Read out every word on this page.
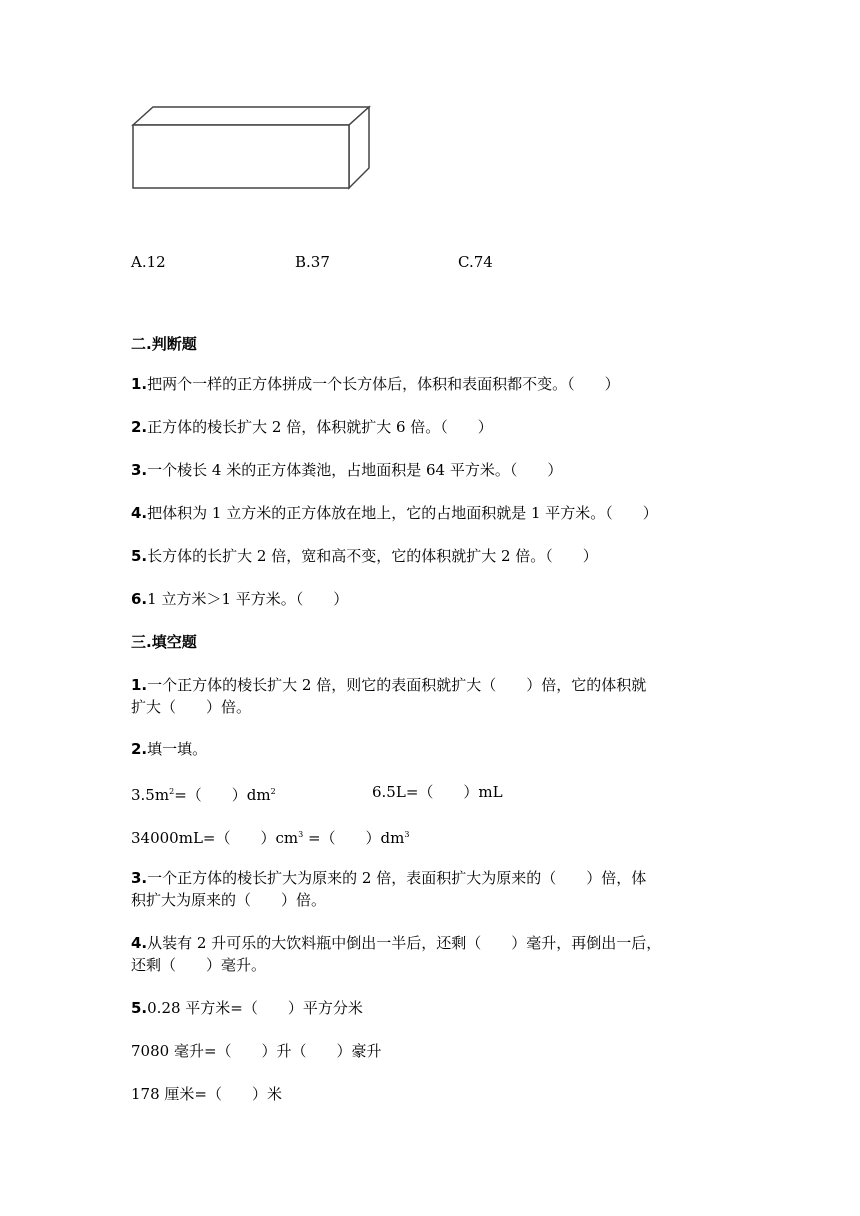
A.12	B.37	C.74
二.判断题
1.把两个一样的正方体拼成一个长方体后，体积和表面积都不变。（　　）
2.正方体的棱长扩大 2 倍，体积就扩大 6 倍。（　　）
3.一个棱长 4 米的正方体粪池，占地面积是 64 平方米。（　　）
4.把体积为 1 立方米的正方体放在地上，它的占地面积就是 1 平方米。（　　）
5.长方体的长扩大 2 倍，宽和高不变，它的体积就扩大 2 倍。（　　）
6.1 立方米＞1 平方米。（　　）
三.填空题
1.一个正方体的棱长扩大 2 倍，则它的表面积就扩大（　　）倍，它的体积就
扩大（　　）倍。
2.填一填。
$3.5m^2=$（　　）$dm^2$	6.5L=（　　）mL
34000mL=（　　）$cm^3$ =（　　）$dm^3$
3.一个正方体的棱长扩大为原来的 2 倍，表面积扩大为原来的（　　）倍，体
积扩大为原来的（　　）倍。
4.从装有 2 升可乐的大饮料瓶中倒出一半后，还剩（　　）毫升，再倒出一后，
还剩（　　）毫升。
5.0.28 平方米=（　　）平方分米
7080 毫升=（　　）升（　　）豪升
178 厘米=（　　）米
